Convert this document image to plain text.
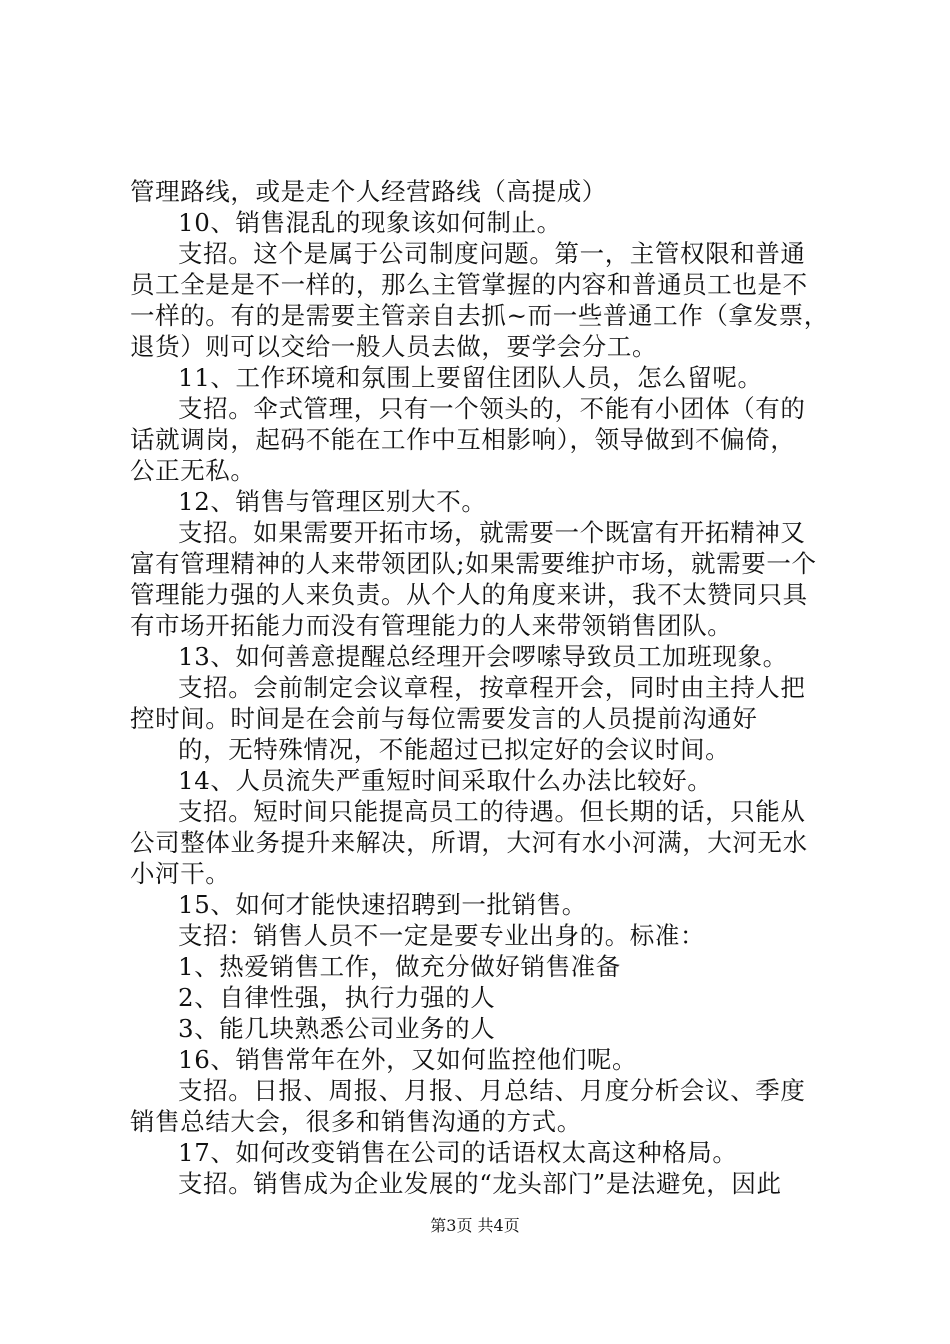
管理路线，或是走个人经营路线（高提成）
10、销售混乱的现象该如何制止。
支招。这个是属于公司制度问题。第一，主管权限和普通
员工全是是不一样的，那么主管掌握的内容和普通员工也是不
一样的。有的是需要主管亲自去抓~而一些普通工作（拿发票，
退货）则可以交给一般人员去做，要学会分工。
11、工作环境和氛围上要留住团队人员，怎么留呢。
支招。伞式管理，只有一个领头的，不能有小团体（有的
话就调岗，起码不能在工作中互相影响），领导做到不偏倚，
公正无私。
12、销售与管理区别大不。
支招。如果需要开拓市场，就需要一个既富有开拓精神又
富有管理精神的人来带领团队;如果需要维护市场，就需要一个
管理能力强的人来负责。从个人的角度来讲，我不太赞同只具
有市场开拓能力而没有管理能力的人来带领销售团队。
13、如何善意提醒总经理开会啰嗦导致员工加班现象。
支招。会前制定会议章程，按章程开会，同时由主持人把
控时间。时间是在会前与每位需要发言的人员提前沟通好
的，无特殊情况，不能超过已拟定好的会议时间。
14、人员流失严重短时间采取什么办法比较好。
支招。短时间只能提高员工的待遇。但长期的话，只能从
公司整体业务提升来解决，所谓，大河有水小河满，大河无水
小河干。
15、如何才能快速招聘到一批销售。
支招：销售人员不一定是要专业出身的。标准：
1、热爱销售工作，做充分做好销售准备
2、自律性强，执行力强的人
3、能几块熟悉公司业务的人
16、销售常年在外，又如何监控他们呢。
支招。日报、周报、月报、月总结、月度分析会议、季度
销售总结大会，很多和销售沟通的方式。
17、如何改变销售在公司的话语权太高这种格局。
支招。销售成为企业发展的“龙头部门”是法避免，因此
第3页 共4页
